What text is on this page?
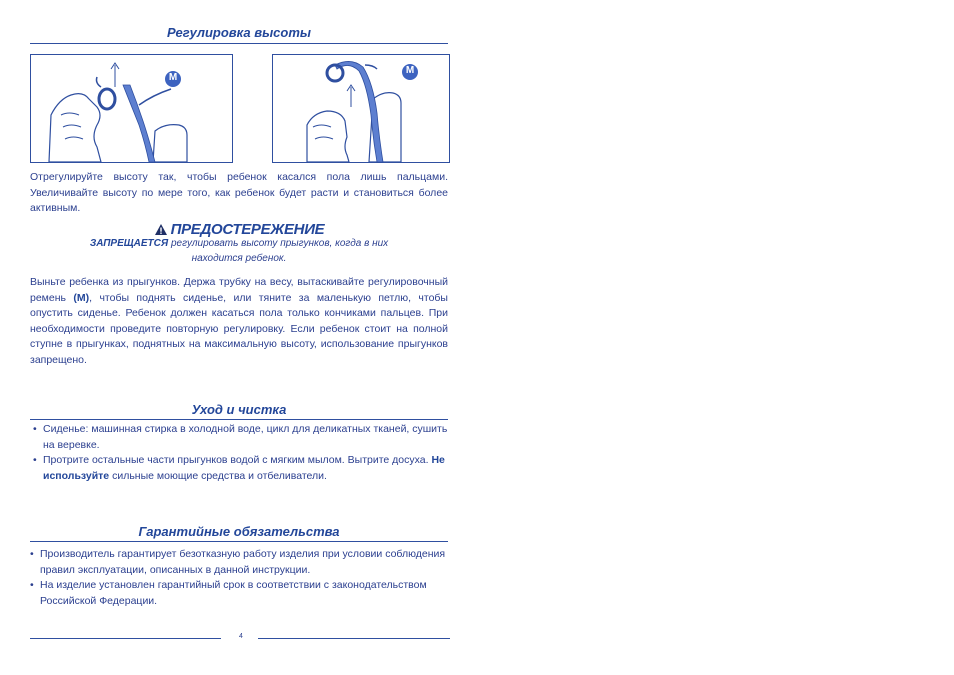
Регулировка высоты
M
M
Отрегулируйте высоту так, чтобы ребенок касался пола лишь пальцами. Увеличивайте высоту по мере того, как ребенок будет расти и становиться более активным.
ПРЕДОСТЕРЕЖЕНИЕ
ЗАПРЕЩАЕТСЯ регулировать высоту прыгунков, когда в них
находится ребенок.
Выньте ребенка из прыгунков. Держа трубку на весу, вытаскивайте регулировочный ремень (M), чтобы поднять сиденье, или тяните за маленькую петлю, чтобы опустить сиденье. Ребенок должен касаться пола только кончиками пальцев. При необходимости проведите повторную регулировку. Если ребенок стоит на полной ступне в прыгунках, поднятных на максимальную высоту, использование прыгунков запрещено.
Уход и чистка
• Сиденье: машинная стирка в холодной воде, цикл для деликатных тканей, сушить на веревке.
• Протрите остальные части прыгунков водой с мягким мылом. Вытрите досуха. Не используйте сильные моющие средства и отбеливатели.
Гарантийные обязательства
• Производитель гарантирует безотказную работу изделия при условии соблюдения правил эксплуатации, описанных в данной инструкции.
• На изделие установлен гарантийный срок в соответствии с законодательством Российской Федерации.
4
